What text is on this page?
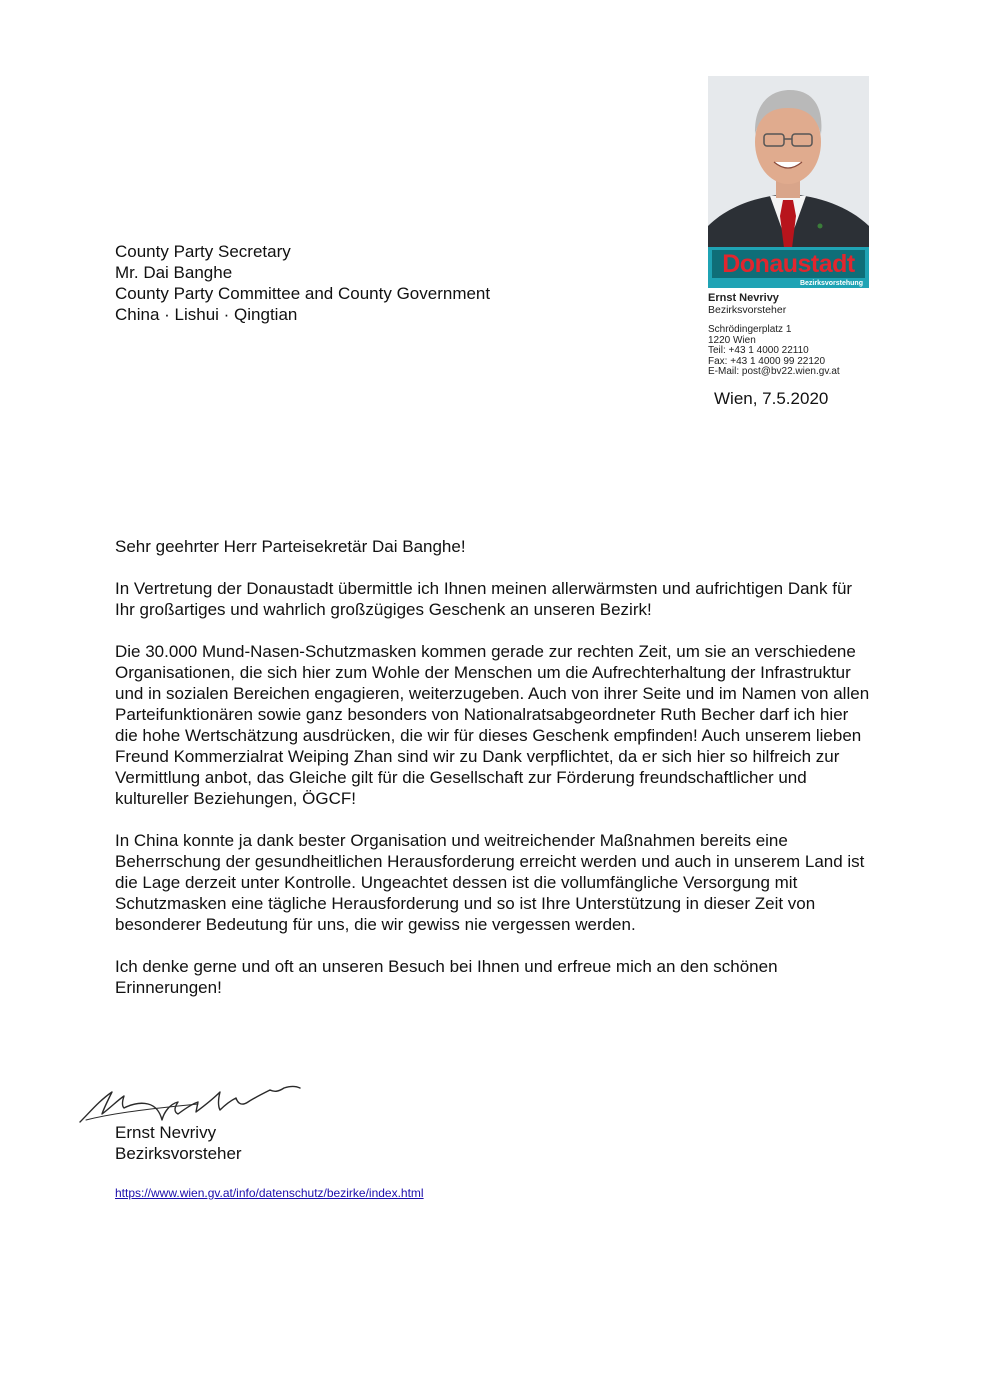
Donaustadt
Bezirksvorstehung
Ernst Nevrivy
Bezirksvorsteher
Schrödingerplatz 1
1220 Wien
Teil: +43 1 4000 22110
Fax: +43 1 4000 99 22120
E-Mail: post@bv22.wien.gv.at
County Party Secretary
Mr. Dai Banghe
County Party Committee and County Government
China · Lishui · Qingtian
Wien, 7.5.2020

Sehr geehrter Herr Parteisekretär Dai Banghe!

In Vertretung der Donaustadt übermittle ich Ihnen meinen allerwärmsten und aufrichtigen Dank für Ihr großartiges und wahrlich großzügiges Geschenk an unseren Bezirk!

Die 30.000 Mund-Nasen-Schutzmasken kommen gerade zur rechten Zeit, um sie an verschiedene Organisationen, die sich hier zum Wohle der Menschen um die Aufrechterhaltung der Infrastruktur und in sozialen Bereichen engagieren, weiterzugeben. Auch von ihrer Seite und im Namen von allen Parteifunktionären sowie ganz besonders von Nationalratsabgeordneter Ruth Becher darf ich hier die hohe Wertschätzung ausdrücken, die wir für dieses Geschenk empfinden! Auch unserem lieben Freund Kommerzialrat Weiping Zhan sind wir zu Dank verpflichtet, da er sich hier so hilfreich zur Vermittlung anbot, das Gleiche gilt für die Gesellschaft zur Förderung freundschaftlicher und kultureller Beziehungen, ÖGCF!

In China konnte ja dank bester Organisation und weitreichender Maßnahmen bereits eine Beherrschung der gesundheitlichen Herausforderung erreicht werden und auch in unserem Land ist die Lage derzeit unter Kontrolle. Ungeachtet dessen ist die vollumfängliche Versorgung mit Schutzmasken eine tägliche Herausforderung und so ist Ihre Unterstützung in dieser Zeit von besonderer Bedeutung für uns, die wir gewiss nie vergessen werden.

Ich denke gerne und oft an unseren Besuch bei Ihnen und erfreue mich an den schönen Erinnerungen!

Ernst Nevrivy
Bezirksvorsteher
https://www.wien.gv.at/info/datenschutz/bezirke/index.html
